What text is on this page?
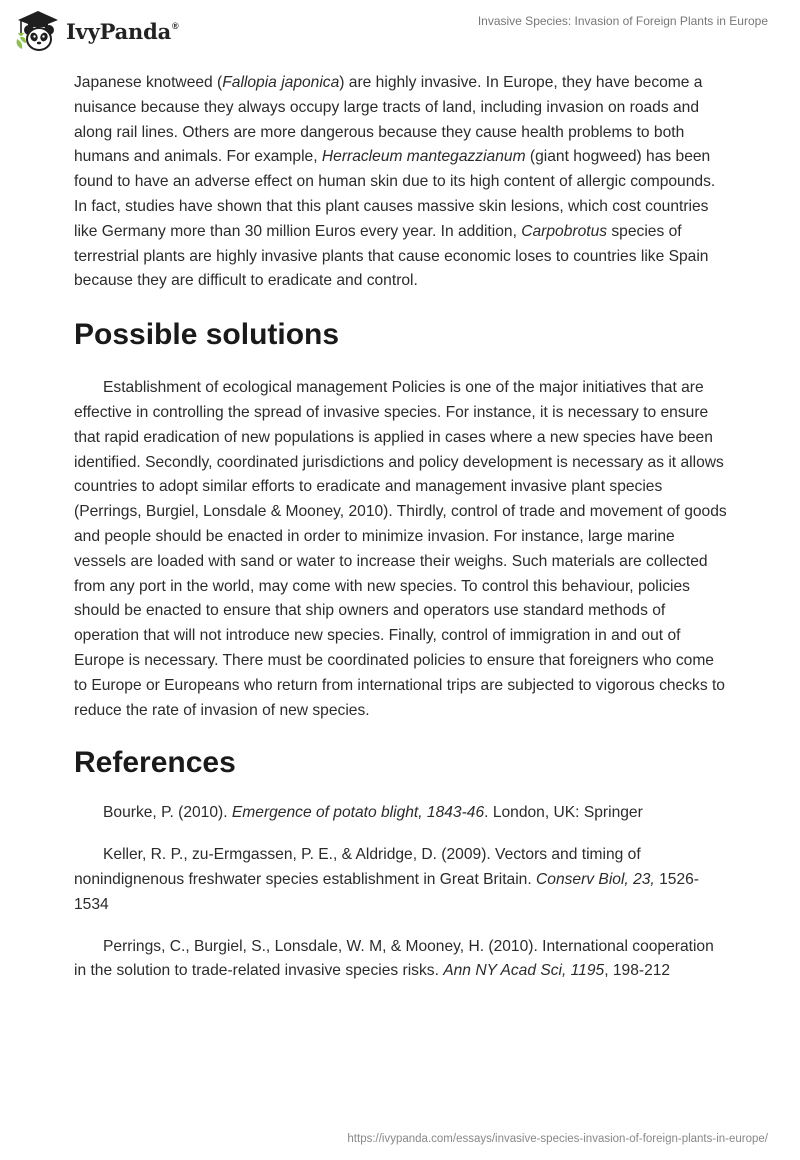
IvyPanda®	Invasive Species: Invasion of Foreign Plants in Europe

Japanese knotweed (Fallopia japonica) are highly invasive. In Europe, they have become a nuisance because they always occupy large tracts of land, including invasion on roads and along rail lines. Others are more dangerous because they cause health problems to both humans and animals. For example, Herracleum mantegazzianum (giant hogweed) has been found to have an adverse effect on human skin due to its high content of allergic compounds. In fact, studies have shown that this plant causes massive skin lesions, which cost countries like Germany more than 30 million Euros every year. In addition, Carpobrotus species of terrestrial plants are highly invasive plants that cause economic loses to countries like Spain because they are difficult to eradicate and control.

Possible solutions

Establishment of ecological management Policies is one of the major initiatives that are effective in controlling the spread of invasive species. For instance, it is necessary to ensure that rapid eradication of new populations is applied in cases where a new species have been identified. Secondly, coordinated jurisdictions and policy development is necessary as it allows countries to adopt similar efforts to eradicate and management invasive plant species (Perrings, Burgiel, Lonsdale & Mooney, 2010). Thirdly, control of trade and movement of goods and people should be enacted in order to minimize invasion. For instance, large marine vessels are loaded with sand or water to increase their weighs. Such materials are collected from any port in the world, may come with new species. To control this behaviour, policies should be enacted to ensure that ship owners and operators use standard methods of operation that will not introduce new species. Finally, control of immigration in and out of Europe is necessary. There must be coordinated policies to ensure that foreigners who come to Europe or Europeans who return from international trips are subjected to vigorous checks to reduce the rate of invasion of new species.

References

Bourke, P. (2010). Emergence of potato blight, 1843-46. London, UK: Springer

Keller, R. P., zu-Ermgassen, P. E., & Aldridge, D. (2009). Vectors and timing of nonindignenous freshwater species establishment in Great Britain. Conserv Biol, 23, 1526-1534

Perrings, C., Burgiel, S., Lonsdale, W. M, & Mooney, H. (2010). International cooperation in the solution to trade-related invasive species risks. Ann NY Acad Sci, 1195, 198-212

https://ivypanda.com/essays/invasive-species-invasion-of-foreign-plants-in-europe/
